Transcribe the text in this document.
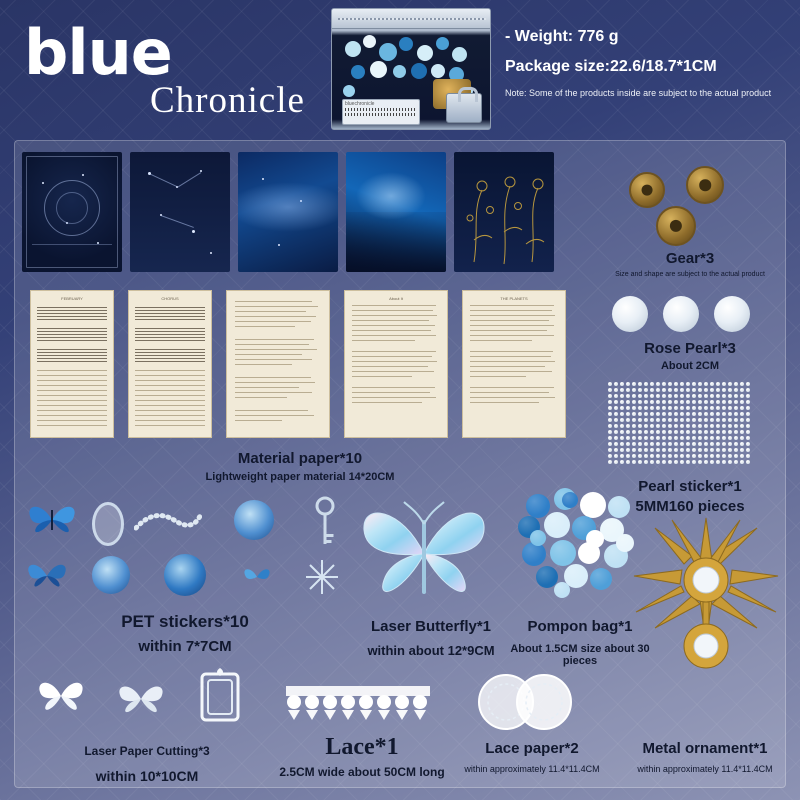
blue
Chronicle	bluechronicle
- Weight: 776 g
Package size:22.6/18.7*1CM
Note: Some of the products inside are subject to the actual product
FEBRUARY	CHORUS	About It	THE PLANETS
Material paper*10
Lightweight paper material 14*20CM
Gear*3
Size and shape are subject to the actual product
Rose Pearl*3
About 2CM
Pearl sticker*1
5MM160 pieces
PET stickers*10
within 7*7CM
Laser Butterfly*1
within about 12*9CM
Pompon bag*1
About 1.5CM size about 30 pieces
Metal ornament*1
within approximately 11.4*11.4CM
Laser Paper Cutting*3
within 10*10CM
Lace*1
2.5CM wide about 50CM long
Lace paper*2
within approximately 11.4*11.4CM
